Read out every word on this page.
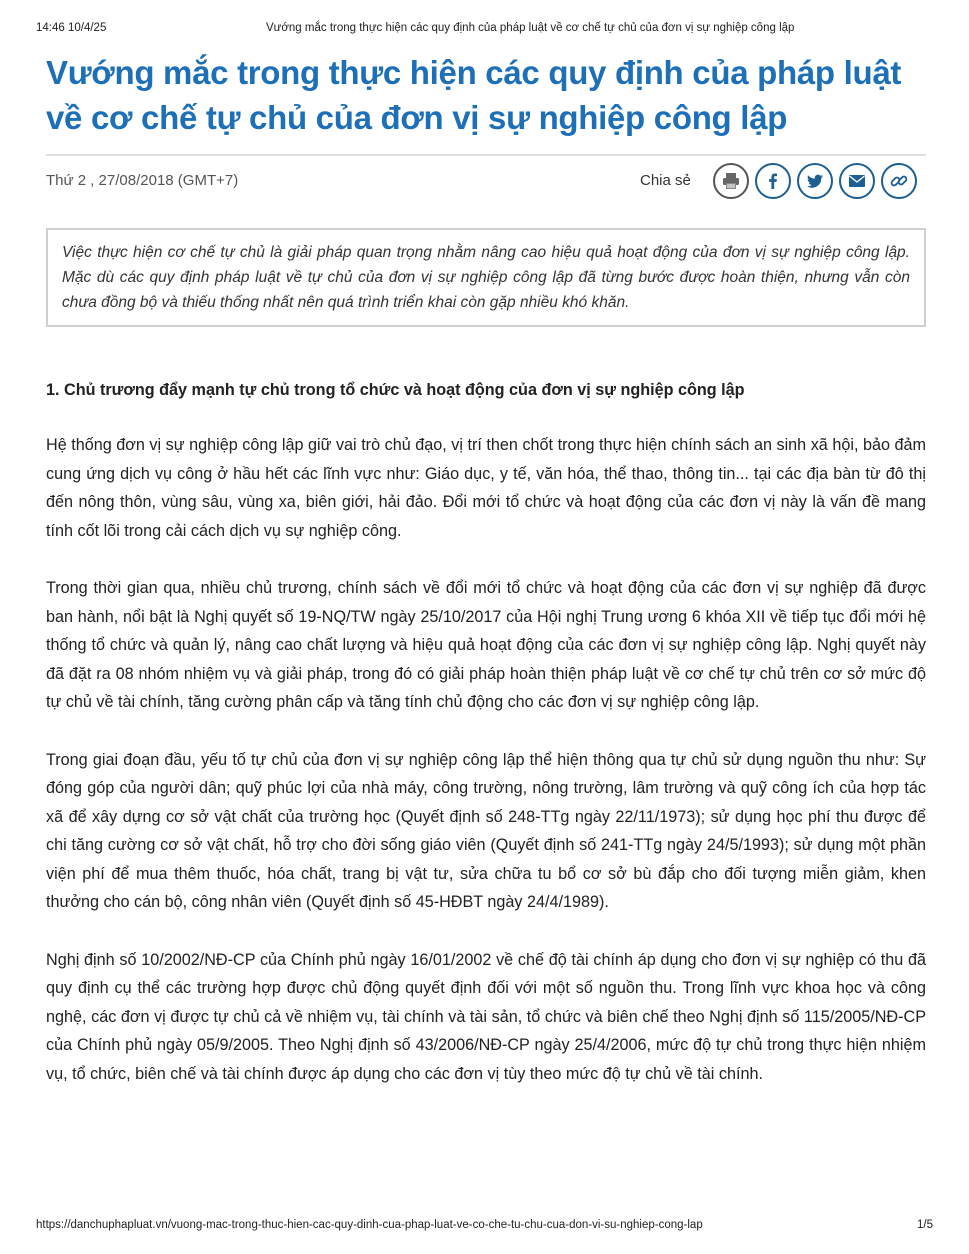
14:46 10/4/25	Vướng mắc trong thực hiện các quy định của pháp luật về cơ chế tự chủ của đơn vị sự nghiệp công lập
Vướng mắc trong thực hiện các quy định của pháp luật về cơ chế tự chủ của đơn vị sự nghiệp công lập
Thứ 2 , 27/08/2018 (GMT+7)	Chia sẻ
Việc thực hiện cơ chế tự chủ là giải pháp quan trọng nhằm nâng cao hiệu quả hoạt động của đơn vị sự nghiệp công lập. Mặc dù các quy định pháp luật về tự chủ của đơn vị sự nghiệp công lập đã từng bước được hoàn thiện, nhưng vẫn còn chưa đồng bộ và thiếu thống nhất nên quá trình triển khai còn gặp nhiều khó khăn.
1. Chủ trương đẩy mạnh tự chủ trong tổ chức và hoạt động của đơn vị sự nghiệp công lập

Hệ thống đơn vị sự nghiệp công lập giữ vai trò chủ đạo, vị trí then chốt trong thực hiện chính sách an sinh xã hội, bảo đảm cung ứng dịch vụ công ở hầu hết các lĩnh vực như: Giáo dục, y tế, văn hóa, thể thao, thông tin... tại các địa bàn từ đô thị đến nông thôn, vùng sâu, vùng xa, biên giới, hải đảo. Đổi mới tổ chức và hoạt động của các đơn vị này là vấn đề mang tính cốt lõi trong cải cách dịch vụ sự nghiệp công.

Trong thời gian qua, nhiều chủ trương, chính sách về đổi mới tổ chức và hoạt động của các đơn vị sự nghiệp đã được ban hành, nổi bật là Nghị quyết số 19-NQ/TW ngày 25/10/2017 của Hội nghị Trung ương 6 khóa XII về tiếp tục đổi mới hệ thống tổ chức và quản lý, nâng cao chất lượng và hiệu quả hoạt động của các đơn vị sự nghiệp công lập. Nghị quyết này đã đặt ra 08 nhóm nhiệm vụ và giải pháp, trong đó có giải pháp hoàn thiện pháp luật về cơ chế tự chủ trên cơ sở mức độ tự chủ về tài chính, tăng cường phân cấp và tăng tính chủ động cho các đơn vị sự nghiệp công lập.

Trong giai đoạn đầu, yếu tố tự chủ của đơn vị sự nghiệp công lập thể hiện thông qua tự chủ sử dụng nguồn thu như: Sự đóng góp của người dân; quỹ phúc lợi của nhà máy, công trường, nông trường, lâm trường và quỹ công ích của hợp tác xã để xây dựng cơ sở vật chất của trường học (Quyết định số 248-TTg ngày 22/11/1973); sử dụng học phí thu được để chi tăng cường cơ sở vật chất, hỗ trợ cho đời sống giáo viên (Quyết định số 241-TTg ngày 24/5/1993); sử dụng một phần viện phí để mua thêm thuốc, hóa chất, trang bị vật tư, sửa chữa tu bổ cơ sở bù đắp cho đối tượng miễn giảm, khen thưởng cho cán bộ, công nhân viên (Quyết định số 45-HĐBT ngày 24/4/1989).

Nghị định số 10/2002/NĐ-CP của Chính phủ ngày 16/01/2002 về chế độ tài chính áp dụng cho đơn vị sự nghiệp có thu đã quy định cụ thể các trường hợp được chủ động quyết định đối với một số nguồn thu. Trong lĩnh vực khoa học và công nghệ, các đơn vị được tự chủ cả về nhiệm vụ, tài chính và tài sản, tổ chức và biên chế theo Nghị định số 115/2005/NĐ-CP của Chính phủ ngày 05/9/2005. Theo Nghị định số 43/2006/NĐ-CP ngày 25/4/2006, mức độ tự chủ trong thực hiện nhiệm vụ, tổ chức, biên chế và tài chính được áp dụng cho các đơn vị tùy theo mức độ tự chủ về tài chính.

https://danchuphapluat.vn/vuong-mac-trong-thuc-hien-cac-quy-dinh-cua-phap-luat-ve-co-che-tu-chu-cua-don-vi-su-nghiep-cong-lap	1/5
